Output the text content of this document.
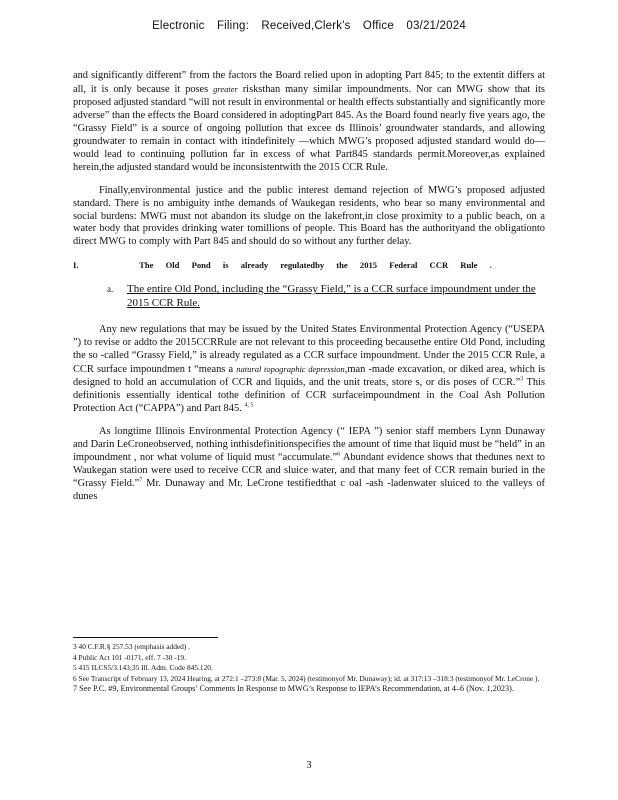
Electronic Filing: Received,Clerk's Office 03/21/2024

and significantly different” from the factors the Board relied upon in adopting Part 845; to the extentit differs at all, it is only because it poses greater risksthan many similar impoundments. Nor can MWG show that its proposed adjusted standard “will not result in environmental or health effects substantially and significantly more adverse” than the effects the Board considered in adoptingPart 845. As the Board found nearly five years ago, the “Grassy Field” is a source of ongoing pollution that excee ds Illinois’ groundwater standards, and allowing groundwater to remain in contact with itindefinitely —which MWG’s proposed adjusted standard would do— would lead to continuing pollution far in excess of what Part845 standards permit.Moreover,as explained herein,the adjusted standard would be inconsistentwith the 2015 CCR Rule.

Finally,environmental justice and the public interest demand rejection of MWG’s proposed adjusted standard. There is no ambiguity inthe demands of Waukegan residents, who bear so many environmental and social burdens: MWG must not abandon its sludge on the lakefront,in close proximity to a public beach, on a water body that provides drinking water tomillions of people. This Board has the authorityand the obligationto direct MWG to comply with Part 845 and should do so without any further delay.

I.	The Old Pond is already regulatedby the 2015 Federal CCR Rule .

a. The entire Old Pond, including the “Grassy Field,” is a CCR surface impoundment under the 2015 CCR Rule.

Any new regulations that may be issued by the United States Environmental Protection Agency (“USEPA ”) to revise or addto the 2015CCRRule are not relevant to this proceeding becausethe entire Old Pond, including the so -called “Grassy Field,” is already regulated as a CCR surface impoundment. Under the 2015 CCR Rule, a CCR surface impoundmen t “means a natural topographic depression,man -made excavation, or diked area, which is designed to hold an accumulation of CCR and liquids, and the unit treats, store s, or dis poses of CCR.”$^3$ This definitionis essentially identical tothe definition of CCR surfaceimpoundment in the Coal Ash Pollution Protection Act (“CAPPA”) and Part 845. $^{4, 5}$

As longtime Illinois Environmental Protection Agency (“ IEPA ”) senior staff members Lynn Dunaway and Darin LeCroneobserved, nothing inthisdefinitionspecifies the amount of time that liquid must be “held” in an impoundment , nor what volume of liquid must “accumulate.”$^6$ Abundant evidence shows that thedunes next to Waukegan station were used to receive CCR and sluice water, and that many feet of CCR remain buried in the “Grassy Field.”$^7$ Mr. Dunaway and Mr. LeCrone testifiedthat c oal -ash -ladenwater sluiced to the valleys of dunes

3 40 C.F.R.§ 257.53 (emphasis added) .

4 Public Act 101 -0171, eff. 7 -30 -19.

5 415 ILCS5/3.143;35 Ill. Adm. Code 845.120.

6 See Transcript of February 13, 2024 Hearing, at 272:1 –273:8 (Mar. 5, 2024) (testimonyof Mr. Dunaway); id. at 317:13 –318:3 (testimonyof Mr. LeCrone ).

7 See P.C. #9, Environmental Groups’ Comments In Response to MWG’s Response to IEPA’s Recommendation, at 4–6 (Nov. 1,2023).

3
